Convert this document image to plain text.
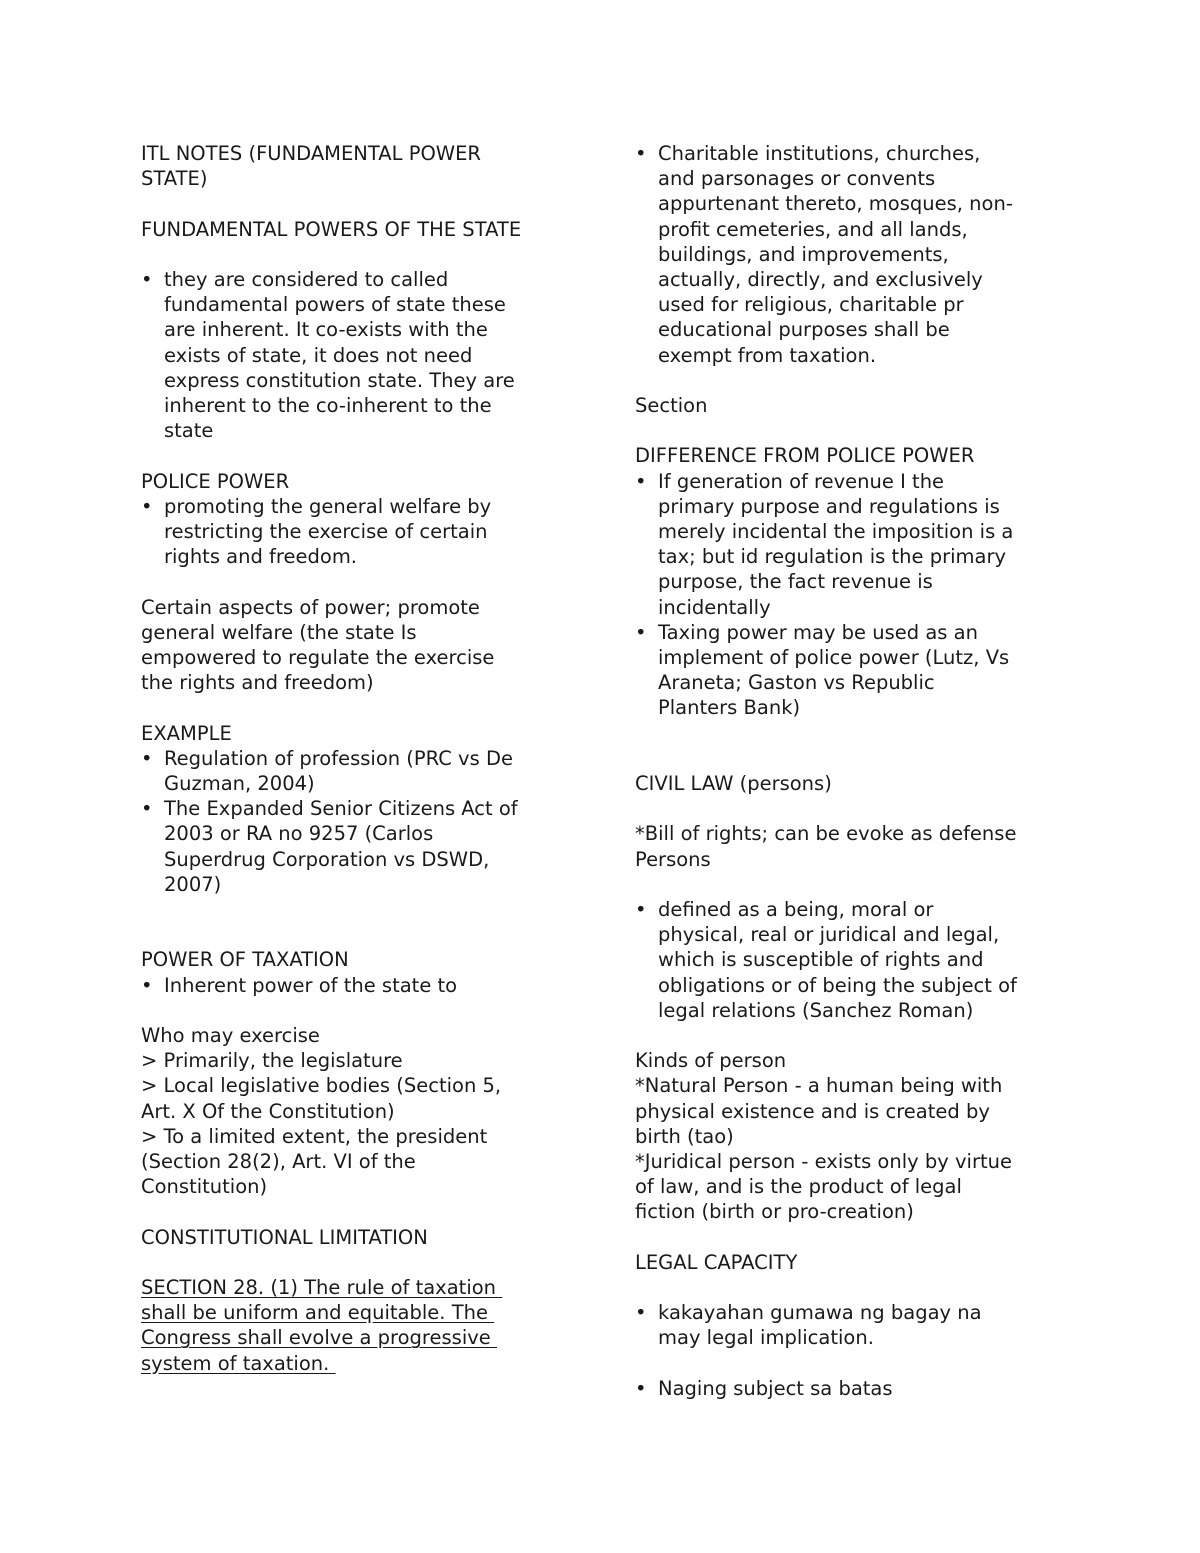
ITL NOTES (FUNDAMENTAL POWER

STATE)

FUNDAMENTAL POWERS OF THE STATE

• they are considered to called

fundamental powers of state these

are inherent. It co-exists with the

exists of state, it does not need

express constitution state. They are

inherent to the co-inherent to the

state

POLICE POWER

• promoting the general welfare by

restricting the exercise of certain

rights and freedom.

Certain aspects of power; promote

general welfare (the state Is

empowered to regulate the exercise

the rights and freedom)

EXAMPLE

• Regulation of profession (PRC vs De

Guzman, 2004)

• The Expanded Senior Citizens Act of

2003 or RA no 9257 (Carlos

Superdrug Corporation vs DSWD,

2007)

POWER OF TAXATION

• Inherent power of the state to

Who may exercise

> Primarily, the legislature

> Local legislative bodies (Section 5,

Art. X Of the Constitution)

> To a limited extent, the president

(Section 28(2), Art. VI of the

Constitution)

CONSTITUTIONAL LIMITATION

SECTION 28. (1) The rule of taxation

shall be uniform and equitable. The

Congress shall evolve a progressive

system of taxation.

• Charitable institutions, churches,

and parsonages or convents

appurtenant thereto, mosques, non-

profit cemeteries, and all lands,

buildings, and improvements,

actually, directly, and exclusively

used for religious, charitable pr

educational purposes shall be

exempt from taxation.

Section

DIFFERENCE FROM POLICE POWER

• If generation of revenue I the

primary purpose and regulations is

merely incidental the imposition is a

tax; but id regulation is the primary

purpose, the fact revenue is

incidentally

• Taxing power may be used as an

implement of police power (Lutz, Vs

Araneta; Gaston vs Republic

Planters Bank)

CIVIL LAW (persons)

*Bill of rights; can be evoke as defense

Persons

• defined as a being, moral or

physical, real or juridical and legal,

which is susceptible of rights and

obligations or of being the subject of

legal relations (Sanchez Roman)

Kinds of person

*Natural Person - a human being with

physical existence and is created by

birth (tao)

*Juridical person - exists only by virtue

of law, and is the product of legal

fiction (birth or pro-creation)

LEGAL CAPACITY

• kakayahan gumawa ng bagay na

may legal implication.

• Naging subject sa batas
